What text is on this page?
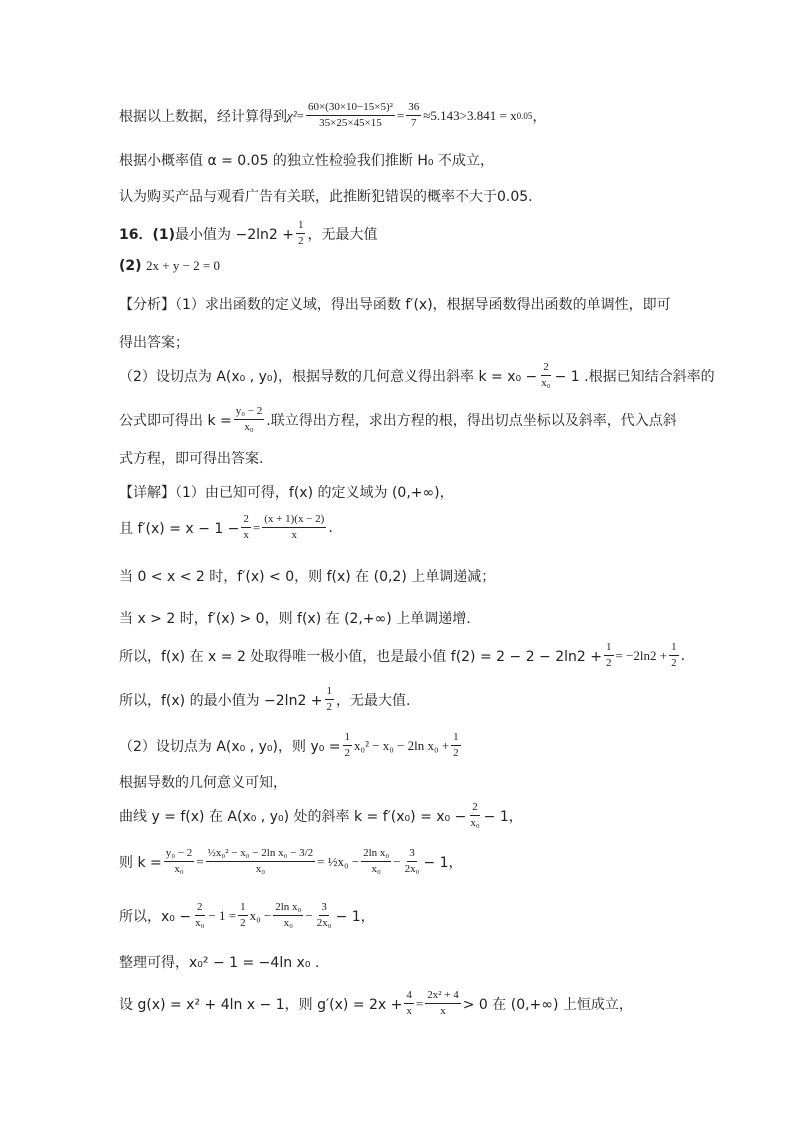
根据以上数据，经计算得到 $\chi^2 = \frac{\text{60×(30×10−15×5)²}}{35\times 25\times 45\times 15} = \frac{36}{7} \approx 5.143>3.841 = x$ 0.05 ，
根据小概率值 α = 0.05 的独立性检验我们推断 H₀ 不成立，
认为购买产品与观看广告有关联，此推断犯错误的概率不大于0.05.
16．(1) 最小值为 $-2\ln 2 + \frac{1}{2}$ ，无最大值
(2)
2x + y − 2 = 0
【分析】（1）求出函数的定义域，得出导函数 f′(x)，根据导函数得出函数的单调性，即可
得出答案；
（2）设切点为 A(x₀ , y₀)，根据导数的几何意义得出斜率 $k = x_0 - \frac{2}{\text{x₀}} - 1$ .根据已知结合斜率的
公式即可得出 $k = \frac{\text{y₀ − 2}}{\text{x₀}}$ .联立得出方程，求出方程的根，得出切点坐标以及斜率，代入点斜
式方程，即可得出答案.
【详解】（1）由已知可得，f(x) 的定义域为 (0,+∞)，
且 $f'(x) = x - 1 - \frac{2}{x} = \frac{(x + 1)(x - 2)}{x}$ .
当 0 < x < 2 时，f′(x) < 0，则 f(x) 在 (0,2) 上单调递减；
当 x > 2 时，f′(x) > 0，则 f(x) 在 (2,+∞) 上单调递增.
所以，f(x) 在 x = 2 处取得唯一极小值，也是最小值 $f(2) = 2 - 2 - 2\ln 2 + \frac{1}{2} = -2\ln 2 + \frac{1}{2}$ .
所以，f(x) 的最小值为 $-2\ln 2 + \frac{1}{2}$ ，无最大值.
（2）设切点为 A(x₀ , y₀)，则 $y_0 = \frac{1}{2} x_0^2 - x_0 - 2\ln$ $x_0 + \frac{1}{2}$
根据导数的几何意义可知，
曲线 y = f(x) 在 A(x₀ , y₀) 处的斜率 $k = f'(x_0) = x_0 - \frac{2}{\text{x₀}} - 1$，
则 $k = \frac{\text{y₀ − 2}}{\text{x₀}} = \frac{\text{½x₀² − x₀ − 2ln x₀ − 3/2}}{\text{x₀}}$ = ½x₀ − $\frac{\text{2ln x₀}}{\text{x₀}} - \frac{3}{\text{2x₀}} - 1$，
所以，$x_0 - \frac{2}{\text{x₀}} - 1 = \frac{1}{2} x_0 - \frac{\text{2ln x₀}}{\text{x₀}} - \frac{3}{\text{2x₀}} - 1$，
整理可得，x₀² − 1 = −4ln x₀ .
设 g(x) = x² + 4ln x − 1，则 $g'(x) = 2x + \frac{4}{x} = \frac{\text{2x² + 4}}{x} > 0$ 在 (0,+∞) 上恒成立，
